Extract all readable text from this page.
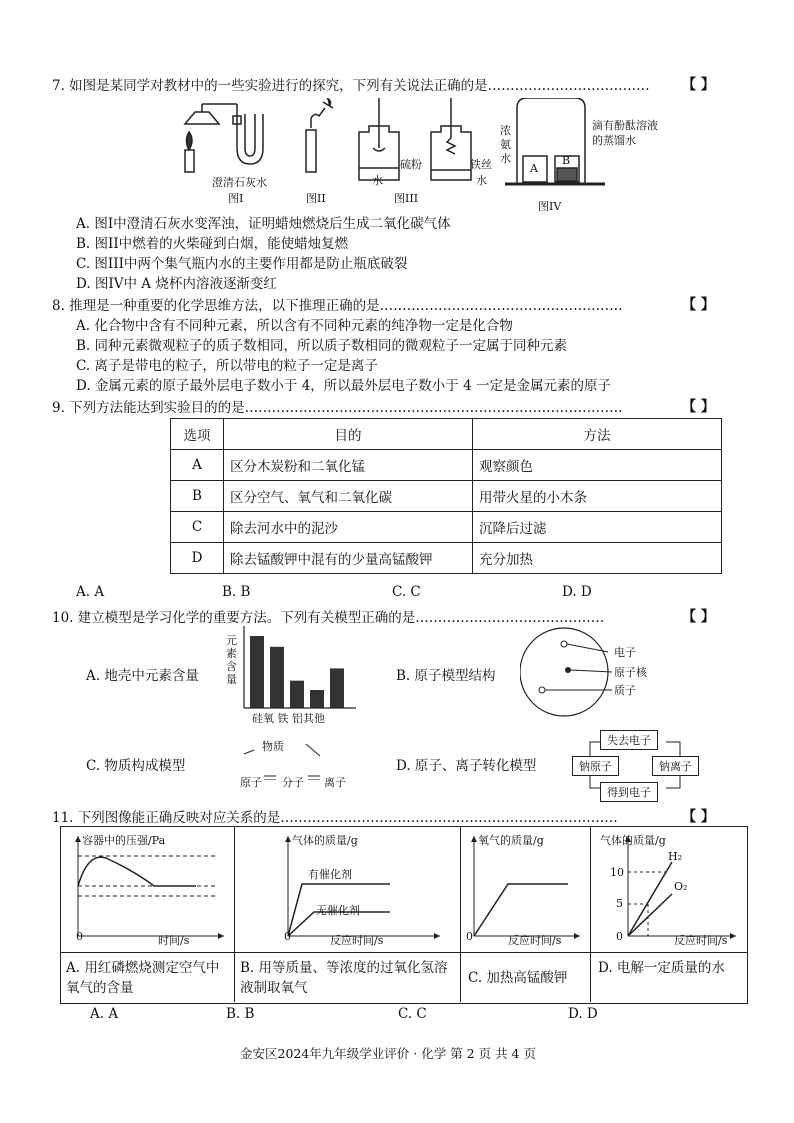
7. 如图是某同学对教材中的一些实验进行的探究，下列有关说法正确的是……………………………… 【 】
澄清石灰水
图I	图II
硫粉
水
铁丝
水
图III
浓氨水
滴有酚酞溶液的蒸馏水
A
B
图IV
A. 图I中澄清石灰水变浑浊，证明蜡烛燃烧后生成二氧化碳气体
B. 图II中燃着的火柴碰到白烟，能使蜡烛复燃
C. 图III中两个集气瓶内水的主要作用都是防止瓶底破裂
D. 图IV中 A 烧杯内溶液逐渐变红
8. 推理是一种重要的化学思维方法，以下推理正确的是………………………………………………	【 】
A. 化合物中含有不同种元素，所以含有不同种元素的纯净物一定是化合物
B. 同种元素微观粒子的质子数相同，所以质子数相同的微观粒子一定属于同种元素
C. 离子是带电的粒子，所以带电的粒子一定是离子
D. 金属元素的原子最外层电子数小于 4，所以最外层电子数小于 4 一定是金属元素的原子
9. 下列方法能达到实验目的的是…………………………………………………………………………	【 】
选项	目的	方法
A	区分木炭粉和二氧化锰	观察颜色
B	区分空气、氧气和二氧化碳	用带火星的小木条
C	除去河水中的泥沙	沉降后过滤
D	除去锰酸钾中混有的少量高锰酸钾	充分加热
A. A	B. B	C. C	D. D
10. 建立模型是学习化学的重要方法。下列有关模型正确的是……………………………………	【 】
A. 地壳中元素含量
元素含量
硅氧 铁 铝其他
B. 原子模型结构
电子
原子核
质子
C. 物质构成模型
物质
原子 分子 离子
D. 原子、离子转化模型
失去电子
钠原子	钠离子
得到电子
11. 下列图像能正确反映对应关系的是…………………………………………………………………	【 】
容器中的压强/Pa
时间/s
0
气体的质量/g
反应时间/s
0
有催化剂
无催化剂
氧气的质量/g
反应时间/s
0
气体的质量/g
反应时间/s
0
10
5
H₂
O₂
A. 用红磷燃烧测定空气中氧气的含量
B. 用等质量、等浓度的过氧化氢溶液制取氧气
C. 加热高锰酸钾
D. 电解一定质量的水
A. A	B. B	C. C	D. D
金安区2024年九年级学业评价 · 化学 第 2 页 共 4 页
